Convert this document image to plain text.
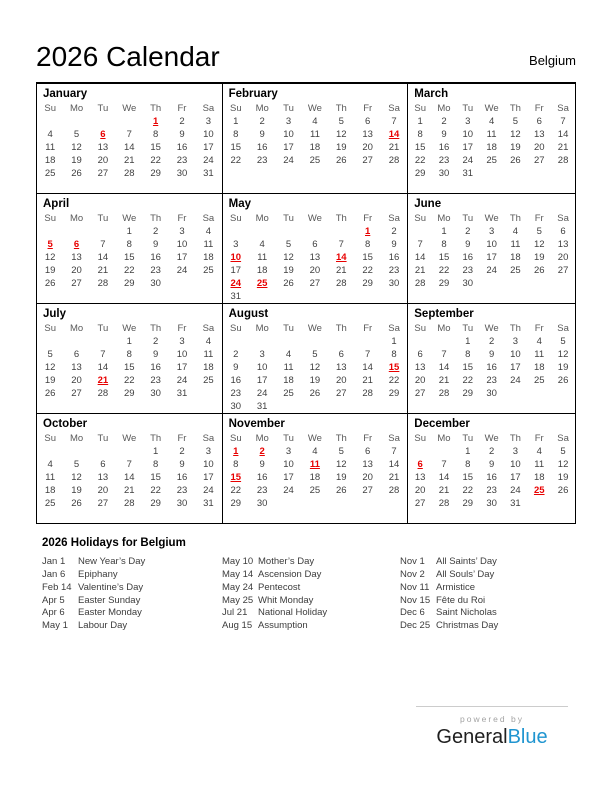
2026 Calendar	Belgium
January
Su	Mo	Tu	We	Th	Fr	Sa
				1	2	3
4	5	6	7	8	9	10
11	12	13	14	15	16	17
18	19	20	21	22	23	24
25	26	27	28	29	30	31

February
Su	Mo	Tu	We	Th	Fr	Sa
1	2	3	4	5	6	7
8	9	10	11	12	13	14
15	16	17	18	19	20	21
22	23	24	25	26	27	28

March
Su	Mo	Tu	We	Th	Fr	Sa
1	2	3	4	5	6	7
8	9	10	11	12	13	14
15	16	17	18	19	20	21
22	23	24	25	26	27	28
29	30	31				

April
Su	Mo	Tu	We	Th	Fr	Sa
			1	2	3	4
5	6	7	8	9	10	11
12	13	14	15	16	17	18
19	20	21	22	23	24	25
26	27	28	29	30		

May
Su	Mo	Tu	We	Th	Fr	Sa
					1	2
3	4	5	6	7	8	9
10	11	12	13	14	15	16
17	18	19	20	21	22	23
24	25	26	27	28	29	30
31						

June
Su	Mo	Tu	We	Th	Fr	Sa
	1	2	3	4	5	6
7	8	9	10	11	12	13
14	15	16	17	18	19	20
21	22	23	24	25	26	27
28	29	30				

July
Su	Mo	Tu	We	Th	Fr	Sa
			1	2	3	4
5	6	7	8	9	10	11
12	13	14	15	16	17	18
19	20	21	22	23	24	25
26	27	28	29	30	31	

August
Su	Mo	Tu	We	Th	Fr	Sa
						1
2	3	4	5	6	7	8
9	10	11	12	13	14	15
16	17	18	19	20	21	22
23	24	25	26	27	28	29
30	31					

September
Su	Mo	Tu	We	Th	Fr	Sa
		1	2	3	4	5
6	7	8	9	10	11	12
13	14	15	16	17	18	19
20	21	22	23	24	25	26
27	28	29	30			

October
Su	Mo	Tu	We	Th	Fr	Sa
				1	2	3
4	5	6	7	8	9	10
11	12	13	14	15	16	17
18	19	20	21	22	23	24
25	26	27	28	29	30	31

November
Su	Mo	Tu	We	Th	Fr	Sa
1	2	3	4	5	6	7
8	9	10	11	12	13	14
15	16	17	18	19	20	21
22	23	24	25	26	27	28
29	30					

December
Su	Mo	Tu	We	Th	Fr	Sa
		1	2	3	4	5
6	7	8	9	10	11	12
13	14	15	16	17	18	19
20	21	22	23	24	25	26
27	28	29	30	31		

2026 Holidays for Belgium
Jan 1	New Year’s Day
Jan 6	Epiphany
Feb 14	Valentine’s Day
Apr 5	Easter Sunday
Apr 6	Easter Monday
May 1	Labour Day
May 10	Mother’s Day
May 14	Ascension Day
May 24	Pentecost
May 25	Whit Monday
Jul 21	National Holiday
Aug 15	Assumption
Nov 1	All Saints’ Day
Nov 2	All Souls’ Day
Nov 11	Armistice
Nov 15	Fête du Roi
Dec 6	Saint Nicholas
Dec 25	Christmas Day
powered by
GeneralBlue
